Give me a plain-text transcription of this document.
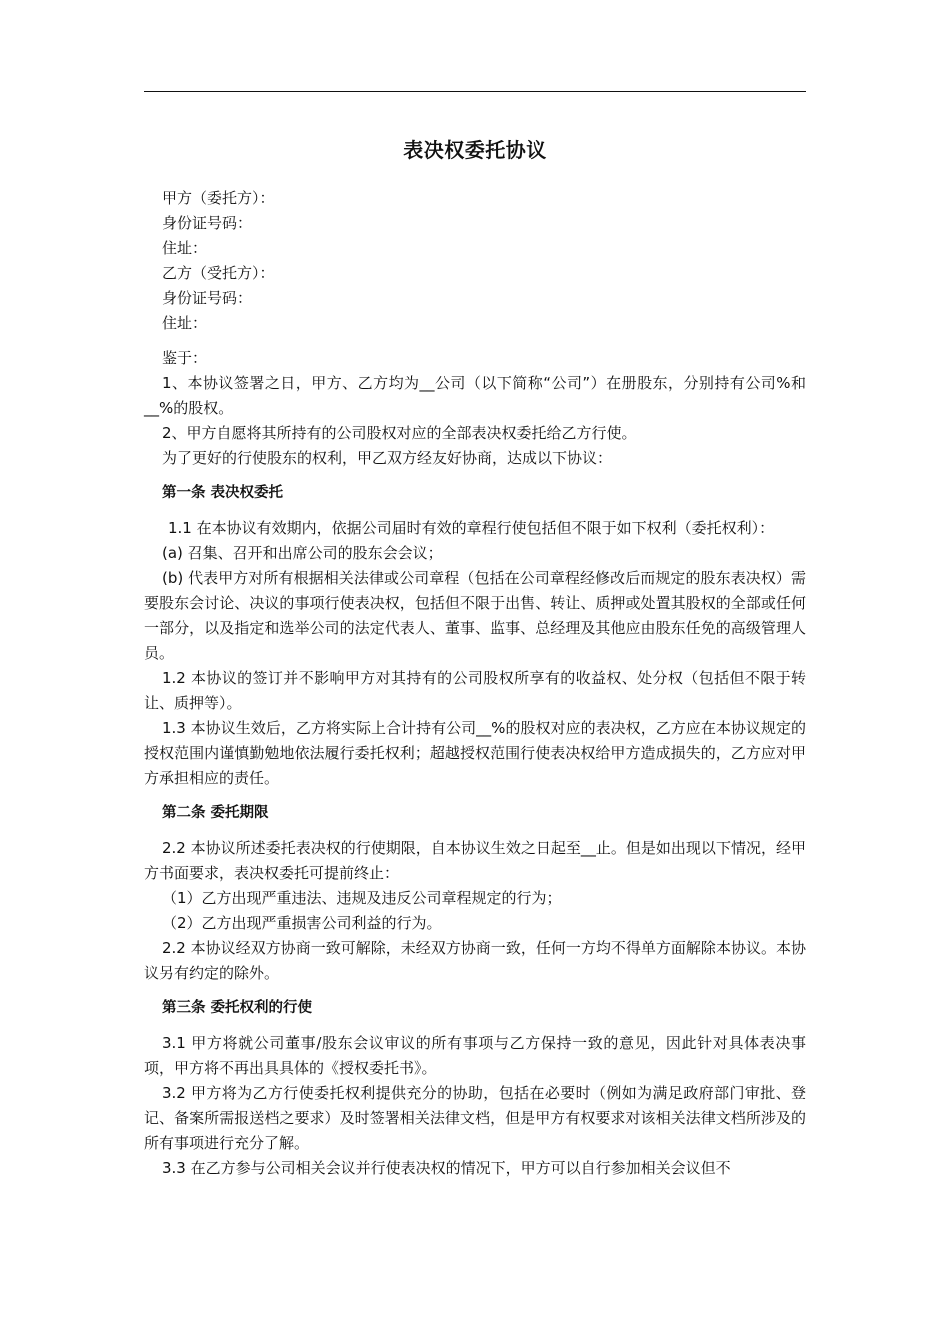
表决权委托协议

甲方（委托方）：

身份证号码：

住址：

乙方（受托方）：

身份证号码：

住址：

鉴于：

1、本协议签署之日，甲方、乙方均为__公司（以下简称“公司”）在册股东，分别持有公司%和__%的股权。

2、甲方自愿将其所持有的公司股权对应的全部表决权委托给乙方行使。

为了更好的行使股东的权利，甲乙双方经友好协商，达成以下协议：

第一条 表决权委托

1.1 在本协议有效期内，依据公司届时有效的章程行使包括但不限于如下权利（委托权利）：

(a) 召集、召开和出席公司的股东会会议；

(b) 代表甲方对所有根据相关法律或公司章程（包括在公司章程经修改后而规定的股东表决权）需要股东会讨论、决议的事项行使表决权，包括但不限于出售、转让、质押或处置其股权的全部或任何一部分，以及指定和选举公司的法定代表人、董事、监事、总经理及其他应由股东任免的高级管理人员。

1.2 本协议的签订并不影响甲方对其持有的公司股权所享有的收益权、处分权（包括但不限于转让、质押等）。

1.3 本协议生效后，乙方将实际上合计持有公司__%的股权对应的表决权，乙方应在本协议规定的授权范围内谨慎勤勉地依法履行委托权利；超越授权范围行使表决权给甲方造成损失的，乙方应对甲方承担相应的责任。

第二条 委托期限

2.2 本协议所述委托表决权的行使期限，自本协议生效之日起至__止。但是如出现以下情况，经甲方书面要求，表决权委托可提前终止：

（1）乙方出现严重违法、违规及违反公司章程规定的行为；

（2）乙方出现严重损害公司利益的行为。

2.2 本协议经双方协商一致可解除，未经双方协商一致，任何一方均不得单方面解除本协议。本协议另有约定的除外。

第三条 委托权利的行使

3.1 甲方将就公司董事/股东会议审议的所有事项与乙方保持一致的意见，因此针对具体表决事项，甲方将不再出具具体的《授权委托书》。

3.2 甲方将为乙方行使委托权利提供充分的协助，包括在必要时（例如为满足政府部门审批、登记、备案所需报送档之要求）及时签署相关法律文档，但是甲方有权要求对该相关法律文档所涉及的所有事项进行充分了解。

3.3 在乙方参与公司相关会议并行使表决权的情况下，甲方可以自行参加相关会议但不
